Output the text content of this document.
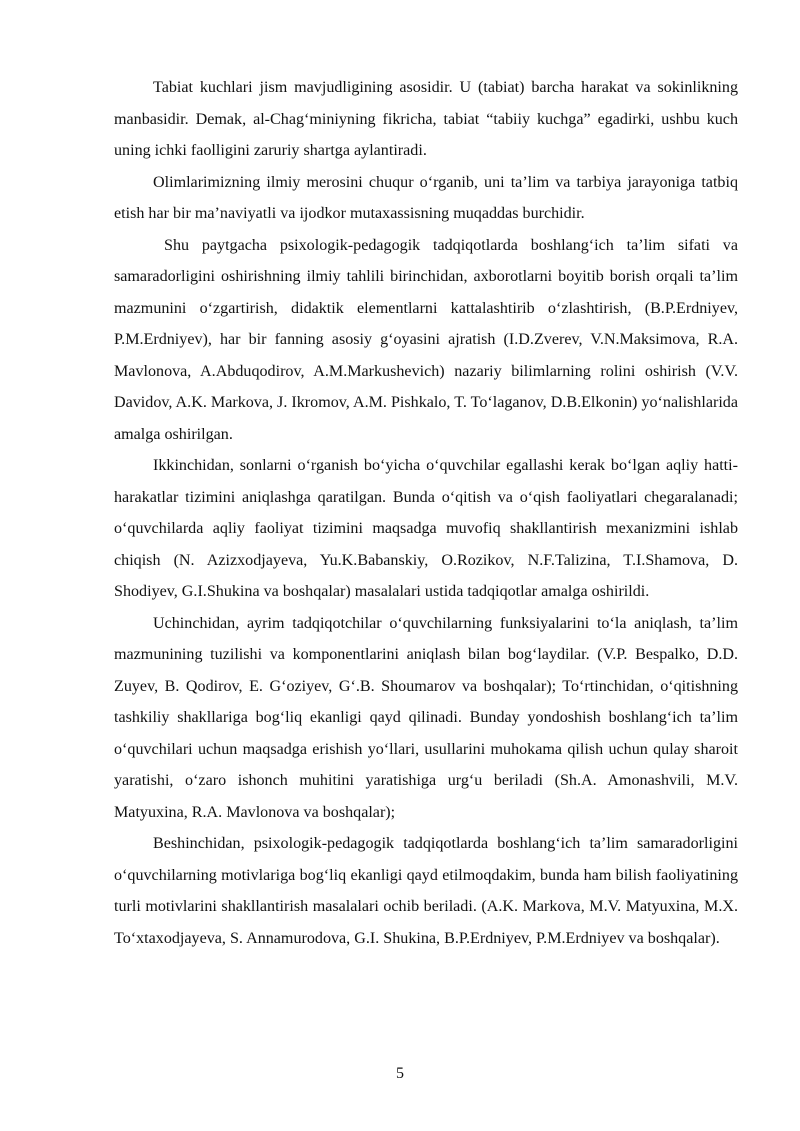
Tabiat kuchlari jism mavjudligining asosidir. U (tabiat) barcha harakat va sokinlikning manbasidir. Demak, al-Chag‘miniyning fikricha, tabiat “tabiiy kuchga” egadirki, ushbu kuch uning ichki faolligini zaruriy shartga aylantiradi.

Olimlarimizning ilmiy merosini chuqur o‘rganib, uni ta’lim va tarbiya jarayoniga tatbiq etish har bir ma’naviyatli va ijodkor mutaxassisning muqaddas burchidir.

Shu paytgacha psixologik-pedagogik tadqiqotlarda boshlang‘ich ta’lim sifati va samaradorligini oshirishning ilmiy tahlili birinchidan, axborotlarni boyitib borish orqali ta’lim mazmunini o‘zgartirish, didaktik elementlarni kattalashtirib o‘zlashtirish, (B.P.Erdniyev, P.M.Erdniyev), har bir fanning asosiy g‘oyasini ajratish (I.D.Zverev, V.N.Maksimova, R.A. Mavlonova, A.Abduqodirov, A.M.Markushevich) nazariy bilimlarning rolini oshirish (V.V. Davidov, A.K. Markova, J. Ikromov, A.M. Pishkalo, T. To‘laganov, D.B.Elkonin) yo‘nalishlarida amalga oshirilgan.

Ikkinchidan, sonlarni o‘rganish bo‘yicha o‘quvchilar egallashi kerak bo‘lgan aqliy hatti-harakatlar tizimini aniqlashga qaratilgan. Bunda o‘qitish va o‘qish faoliyatlari chegaralanadi; o‘quvchilarda aqliy faoliyat tizimini maqsadga muvofiq shakllantirish mexanizmini ishlab chiqish (N. Azizxodjayeva, Yu.K.Babanskiy, O.Rozikov, N.F.Talizina, T.I.Shamova, D. Shodiyev, G.I.Shukina va boshqalar) masalalari ustida tadqiqotlar amalga oshirildi.

Uchinchidan, ayrim tadqiqotchilar o‘quvchilarning funksiyalarini to‘la aniqlash, ta’lim mazmunining tuzilishi va komponentlarini aniqlash bilan bog‘laydilar. (V.P. Bespalko, D.D. Zuyev, B. Qodirov, E. G‘oziyev, G‘.B. Shoumarov va boshqalar); To‘rtinchidan, o‘qitishning tashkiliy shakllariga bog‘liq ekanligi qayd qilinadi. Bunday yondoshish boshlang‘ich ta’lim o‘quvchilari uchun maqsadga erishish yo‘llari, usullarini muhokama qilish uchun qulay sharoit yaratishi, o‘zaro ishonch muhitini yaratishiga urg‘u beriladi (Sh.A. Amonashvili, M.V. Matyuxina, R.A. Mavlonova va boshqalar);

Beshinchidan, psixologik-pedagogik tadqiqotlarda boshlang‘ich ta’lim samaradorligini o‘quvchilarning motivlariga bog‘liq ekanligi qayd etilmoqdakim, bunda ham bilish faoliyatining turli motivlarini shakllantirish masalalari ochib beriladi. (A.K. Markova, M.V. Matyuxina, M.X. To‘xtaxodjayeva, S. Annamurodova, G.I. Shukina, B.P.Erdniyev, P.M.Erdniyev va boshqalar).

5
